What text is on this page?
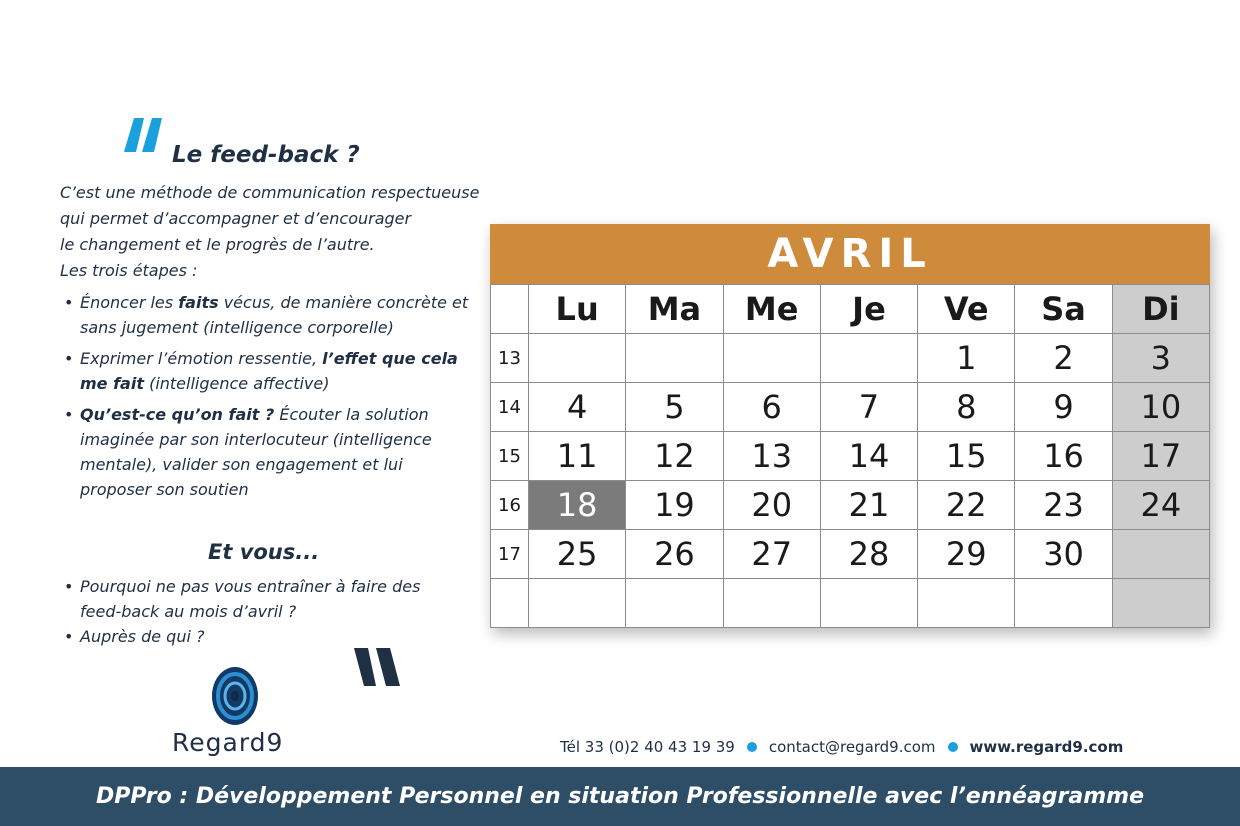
Le feed-back ?

C’est une méthode de communication respectueuse

qui permet d’accompagner et d’encourager

le changement et le progrès de l’autre.

Les trois étapes :

• Énoncer les faits vécus, de manière concrète et sans jugement (intelligence corporelle)
• Exprimer l’émotion ressentie, l’effet que cela me fait (intelligence affective)
• Qu’est-ce qu’on fait ? Écouter la solution imaginée par son interlocuteur (intelligence mentale), valider son engagement et lui proposer son soutien
Et vous...
• Pourquoi ne pas vous entraîner à faire des feed-back au mois d’avril ?
• Auprès de qui ?

Regard9

AVRIL
	Lu	Ma	Me	Je	Ve	Sa	Di
13					1	2	3
14	4	5	6	7	8	9	10
15	11	12	13	14	15	16	17
16	18	19	20	21	22	23	24
17	25	26	27	28	29	30	

Tél 33 (0)2 40 43 19 39 contact@regard9.com www.regard9.com
DPPro : Développement Personnel en situation Professionnelle avec l’ennéagramme
